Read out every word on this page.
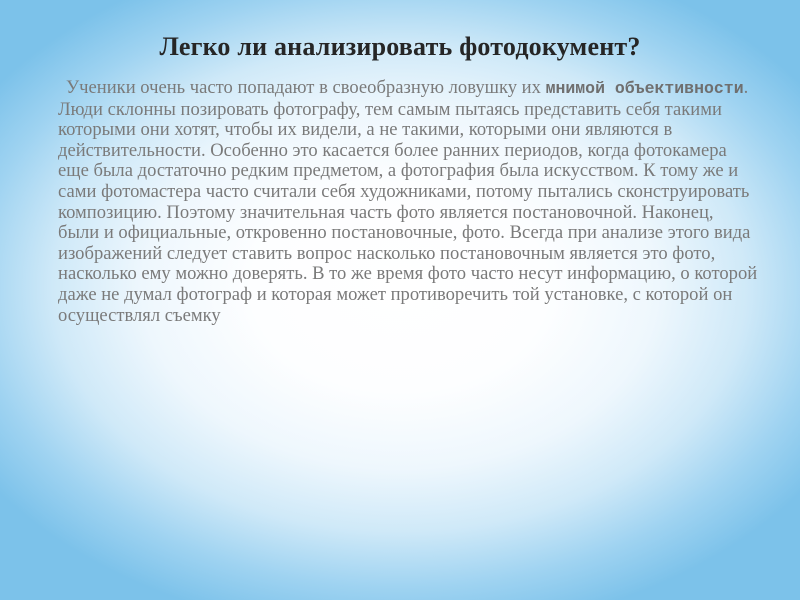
Легко ли анализировать фотодокумент?

Ученики очень часто попадают в своеобразную ловушку их мнимой объективности. Люди склонны позировать фотографу, тем самым пытаясь представить себя такими которыми они хотят, чтобы их видели, а не такими, которыми они являются в действительности. Особенно это касается более ранних периодов, когда фотокамера еще была достаточно редким предметом, а фотография была искусством. К тому же и сами фотомастера часто считали себя художниками, потому пытались сконструировать композицию. Поэтому значительная часть фото является постановочной. Наконец, были и официальные, откровенно постановочные, фото. Всегда при анализе этого вида изображений следует ставить вопрос насколько постановочным является это фото, насколько ему можно доверять. В то же время фото часто несут информацию, о которой даже не думал фотограф и которая может противоречить той установке, с которой он осуществлял съемку
